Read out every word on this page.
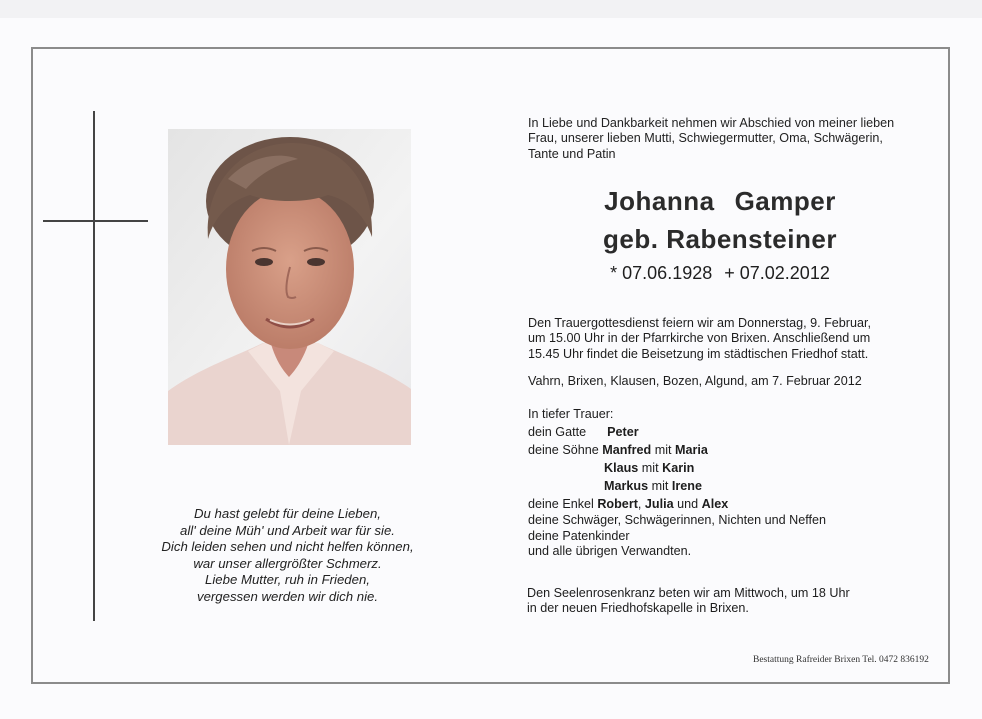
Du hast gelebt für deine Lieben,
all' deine Müh' und Arbeit war für sie.
Dich leiden sehen und nicht helfen können,
war unser allergrößter Schmerz.
Liebe Mutter, ruh in Frieden,
vergessen werden wir dich nie.
In Liebe und Dankbarkeit nehmen wir Abschied von meiner lieben
Frau, unserer lieben Mutti, Schwiegermutter, Oma, Schwägerin,
Tante und Patin
Johanna Gamper
geb. Rabensteiner
* 07.06.1928 + 07.02.2012
Den Trauergottesdienst feiern wir am Donnerstag, 9. Februar,
um 15.00 Uhr in der Pfarrkirche von Brixen. Anschließend um
15.45 Uhr findet die Beisetzung im städtischen Friedhof statt.
Vahrn, Brixen, Klausen, Bozen, Algund, am 7. Februar 2012
In tiefer Trauer:
dein Gatte Peter
deine Söhne Manfred mit Maria
Klaus mit Karin
Markus mit Irene
deine Enkel Robert, Julia und Alex
deine Schwäger, Schwägerinnen, Nichten und Neffen
deine Patenkinder
und alle übrigen Verwandten.
Den Seelenrosenkranz beten wir am Mittwoch, um 18 Uhr
in der neuen Friedhofskapelle in Brixen.
Bestattung Rafreider Brixen Tel. 0472 836192
